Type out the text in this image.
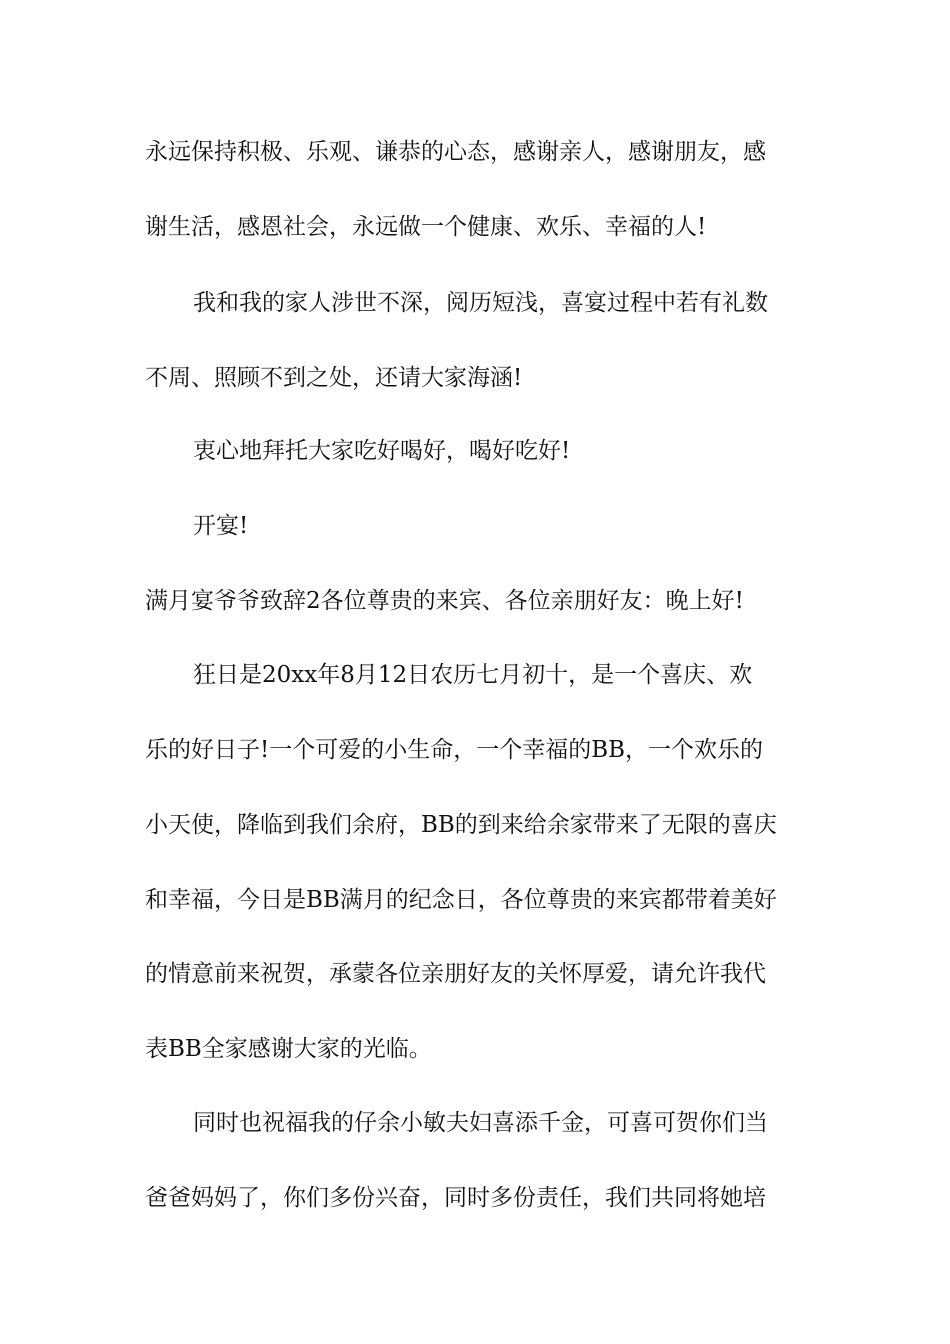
永远保持积极、乐观、谦恭的心态，感谢亲人，感谢朋友，感
谢生活，感恩社会，永远做一个健康、欢乐、幸福的人!
我和我的家人涉世不深，阅历短浅，喜宴过程中若有礼数
不周、照顾不到之处，还请大家海涵!
衷心地拜托大家吃好喝好，喝好吃好!
开宴!
满月宴爷爷致辞2各位尊贵的来宾、各位亲朋好友：晚上好!
狂日是20xx年8月12日农历七月初十，是一个喜庆、欢
乐的好日子!一个可爱的小生命，一个幸福的BB，一个欢乐的
小天使，降临到我们余府，BB的到来给余家带来了无限的喜庆
和幸福，今日是BB满月的纪念日，各位尊贵的来宾都带着美好
的情意前来祝贺，承蒙各位亲朋好友的关怀厚爱，请允许我代
表BB全家感谢大家的光临。
同时也祝福我的仔余小敏夫妇喜添千金，可喜可贺你们当
爸爸妈妈了，你们多份兴奋，同时多份责任，我们共同将她培
